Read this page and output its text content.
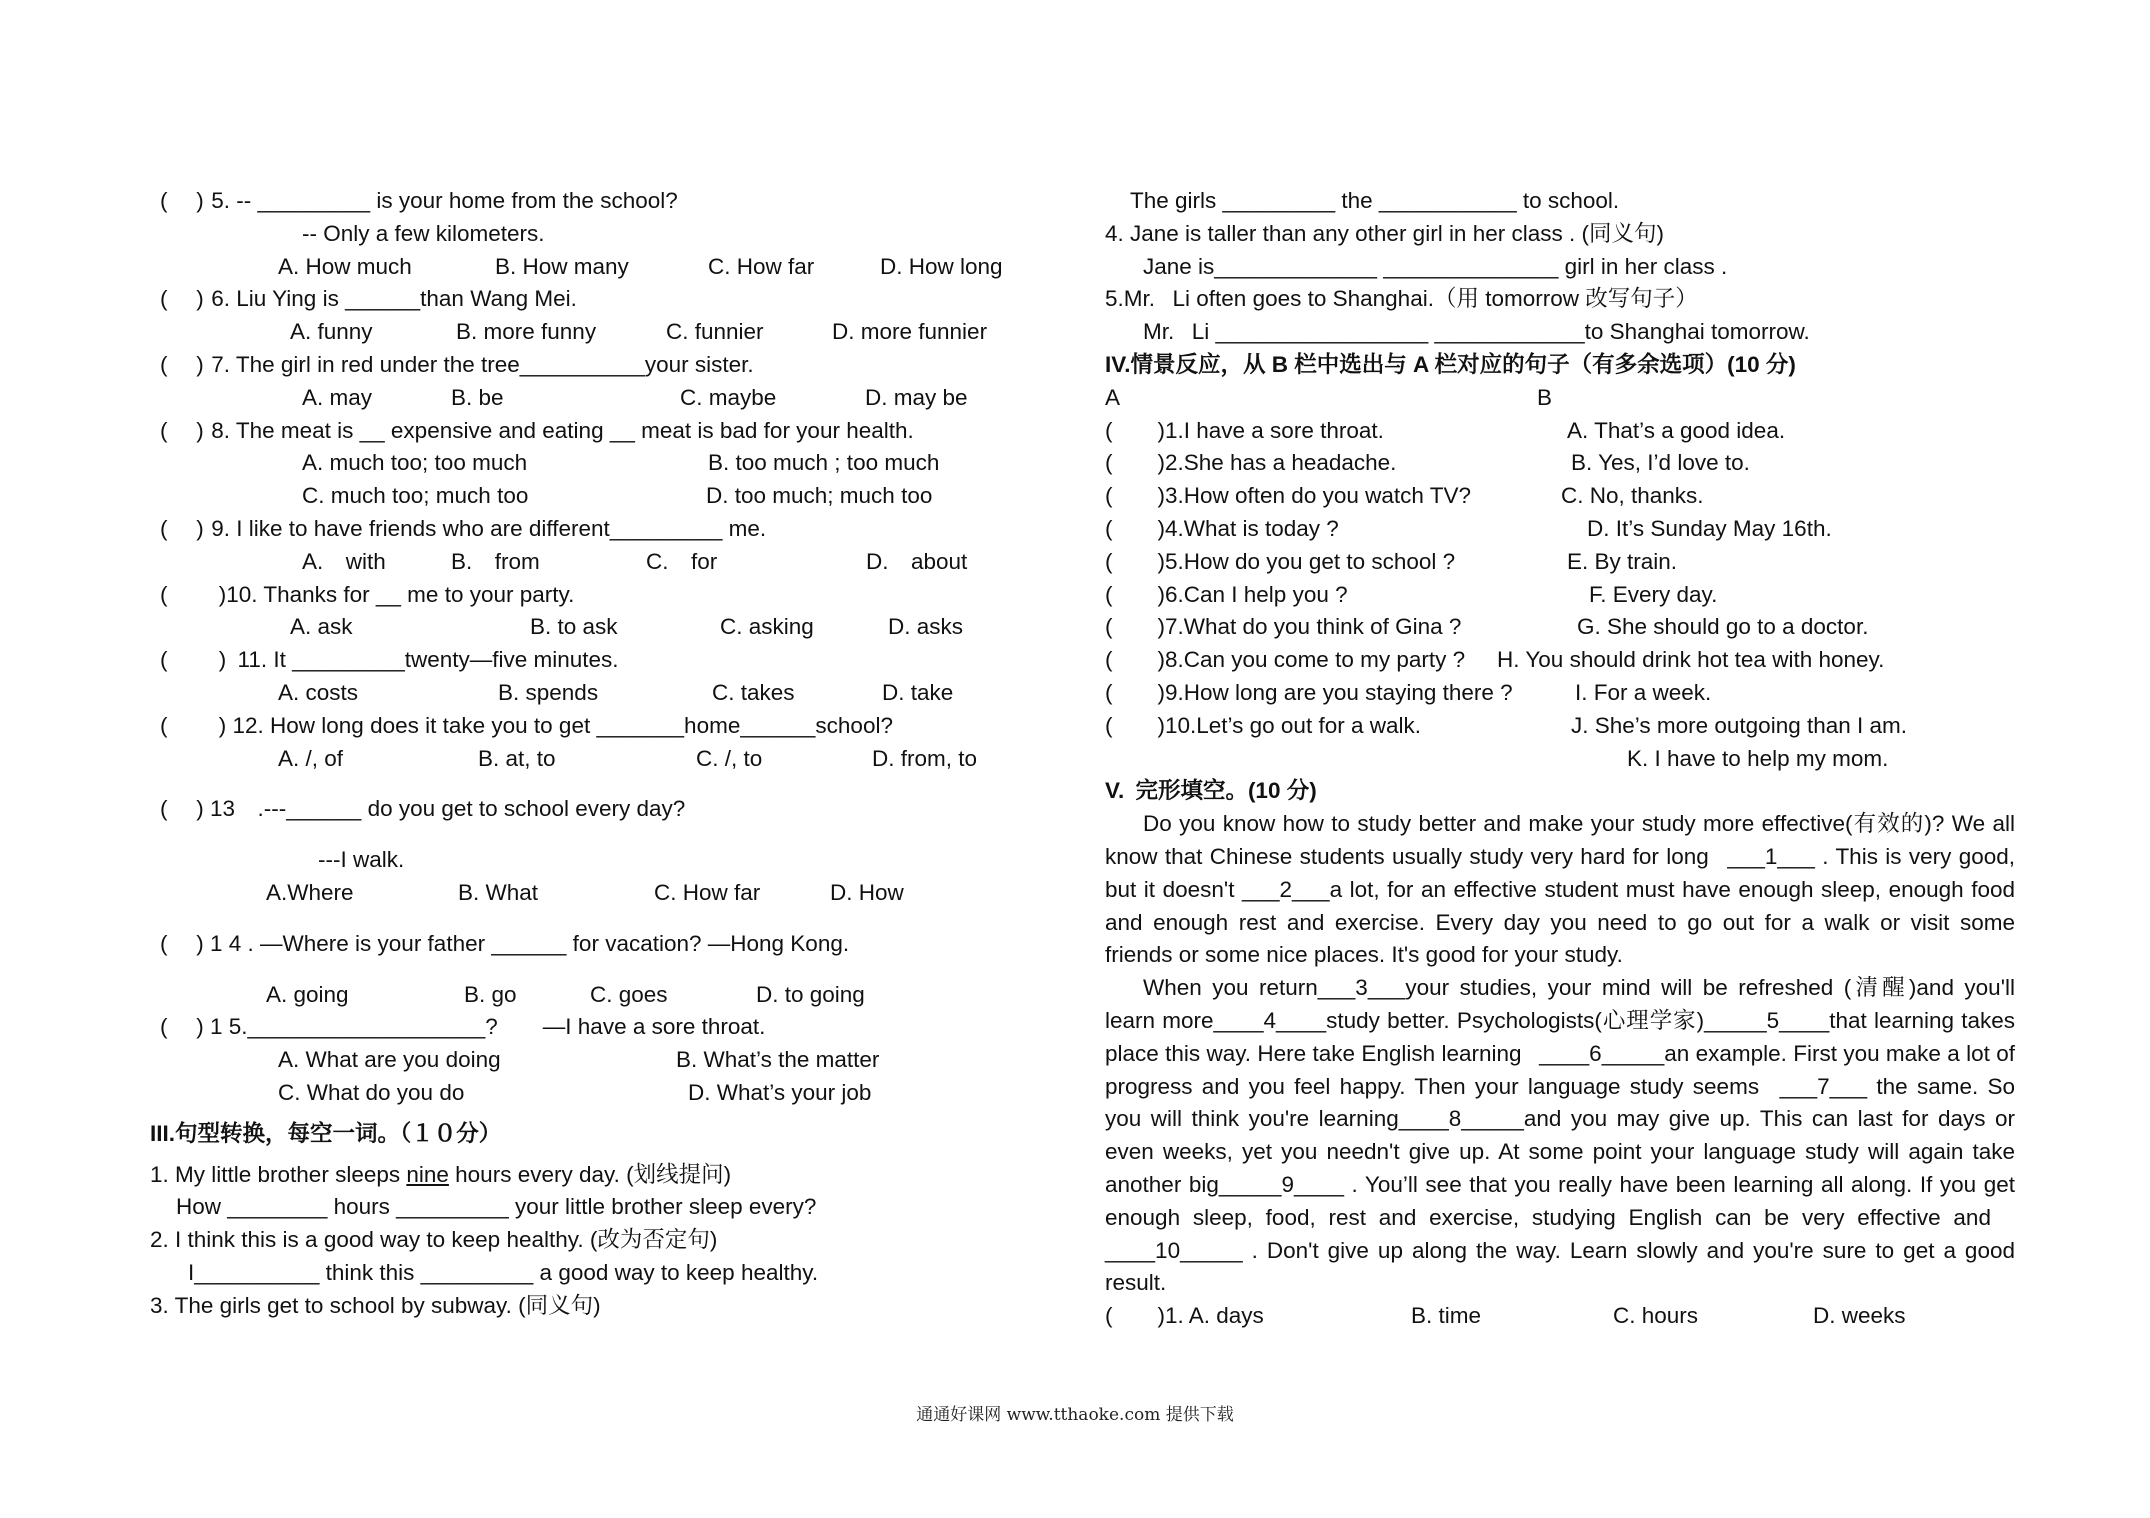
(　 ) 5. -- _________ is your home from the school?
-- Only a few kilometers.
A. How much	B. How many	C. How far	D. How long
(　 ) 6. Liu Ying is ______than Wang Mei.
A. funny	B. more funny	C. funnier	D. more funnier
(　 ) 7. The girl in red under the tree__________your sister.
A. may	B. be	C. maybe	D. may be
(　 ) 8. The meat is __ expensive and eating __ meat is bad for your health.
A. much too; too much	B. too much ; too much
C. much too; much too	D. too much; much too
(　 ) 9. I like to have friends who are different_________ me.
A.　with	B.　from	C.　for	D.　about
(　　 )10. Thanks for __ me to your party.
A. ask	B. to ask	C. asking	D. asks
(　　 ) 11. It _________twenty—five minutes.
A. costs	B. spends	C. takes	D. take
(　　 ) 12. How long does it take you to get _______home______school?
A. /, of	B. at, to	C. /, to	D. from, to
(　 ) 13 .---______ do you get to school every day?
---I walk.
A.Where	B. What	C. How far	D. How
(　 ) 1 4 . —Where is your father ______ for vacation? —Hong Kong.
A. going	B. go	C. goes	D. to going
(　 ) 1 5.___________________?  —I have a sore throat.
A. What are you doing	B. What’s the matter
C. What do you do	D. What’s your job
III.句型转换，每空一词。（１０分）
1. My little brother sleeps nine hours every day. (划线提问)
How ________ hours _________ your little brother sleep every?
2. I think this is a good way to keep healthy. (改为否定句)
I__________ think this _________ a good way to keep healthy.
3. The girls get to school by subway. (同义句)
The girls _________ the ___________ to school.
4. Jane is taller than any other girl in her class . (同义句)
Jane is_____________ ______________ girl in her class .
5.Mr.  Li often goes to Shanghai.（用 tomorrow 改写句子）
Mr.  Li _________________ ____________to Shanghai tomorrow.
IV.情景反应，从 B 栏中选出与 A 栏对应的句子（有多余选项）(10 分)
A	B
(　　)1.I have a sore throat.	A. That’s a good idea.
(　　)2.She has a headache.	B. Yes, I’d love to.
(　　)3.How often do you watch TV?	C. No, thanks.
(　　)4.What is today ?	D. It’s Sunday May 16th.
(　　)5.How do you get to school ?	E. By train.
(　　)6.Can I help you ?	F. Every day.
(　　)7.What do you think of Gina ?	G. She should go to a doctor.
(　　)8.Can you come to my party ? H. You should drink hot tea with honey.
(　　)9.How long are you staying there ?	I. For a week.
(　　)10.Let’s go out for a walk.	J. She’s more outgoing than I am.
K. I have to help my mom.
V. 完形填空。(10 分)
Do you know how to study better and make your study more effective(有效的)? We all know that Chinese students usually study very hard for long  ___1___ . This is very good, but it doesn't ___2___a lot, for an effective student must have enough sleep, enough food and enough rest and exercise. Every day you need to go out for a walk or visit some friends or some nice places. It's good for your study.
When you return___3___your studies, your mind will be refreshed (清醒)and you'll learn more____4____study better. Psychologists(心理学家)_____5____that learning takes place this way. Here take English learning  ____6_____an example. First you make a lot of progress and you feel happy. Then your language study seems  ___7___ the same. So you will think you're learning____8_____and you may give up. This can last for days or even weeks, yet you needn't give up. At some point your language study will again take another big_____9____ . You’ll see that you really have been learning all along. If you get enough sleep, food, rest and exercise, studying English can be very effective and  ____10_____ . Don't give up along the way. Learn slowly and you're sure to get a good result.
(　　)1. A. days	B. time	C. hours	D. weeks
通通好课网 www.tthaoke.com 提供下载
